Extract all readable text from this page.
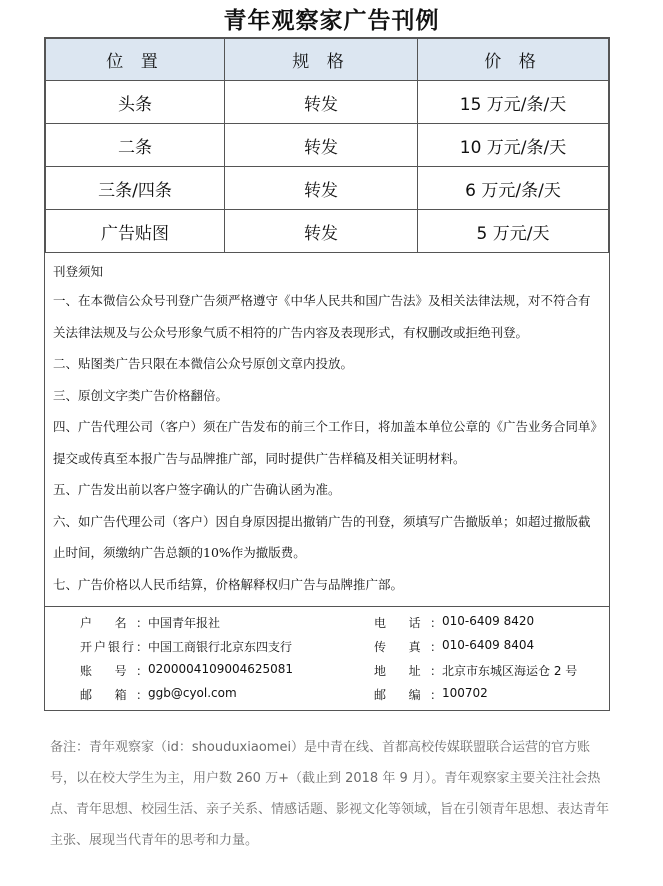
青年观察家广告刊例
位 置	规 格	价 格
头条	转发	15 万元/条/天
二条	转发	10 万元/条/天
三条/四条	转发	6 万元/条/天
广告贴图	转发	5 万元/天

刊登须知

一、在本微信公众号刊登广告须严格遵守《中华人民共和国广告法》及相关法律法规，对不符合有关法律法规及与公众号形象气质不相符的广告内容及表现形式，有权删改或拒绝刊登。

二、贴图类广告只限在本微信公众号原创文章内投放。

三、原创文字类广告价格翻倍。

四、广告代理公司（客户）须在广告发布的前三个工作日，将加盖本单位公章的《广告业务合同单》提交或传真至本报广告与品牌推广部，同时提供广告样稿及相关证明材料。

五、广告发出前以客户签字确认的广告确认函为准。

六、如广告代理公司（客户）因自身原因提出撤销广告的刊登，须填写广告撤版单；如超过撤版截止时间，须缴纳广告总额的10%作为撤版费。

七、广告价格以人民币结算，价格解释权归广告与品牌推广部。

户 名： 中国青年报社	电 话： 010-6409 8420
开户银行： 中国工商银行北京东四支行	传 真： 010-6409 8404
账 号： 0200004109004625081	地 址： 北京市东城区海运仓 2 号
邮 箱： ggb@cyol.com	邮 编： 100702
备注：青年观察家（id：shouduxiaomei）是中青在线、首都高校传媒联盟联合运营的官方账号，以在校大学生为主，用户数 260 万+（截止到 2018 年 9 月）。青年观察家主要关注社会热点、青年思想、校园生活、亲子关系、情感话题、影视文化等领域，旨在引领青年思想、表达青年主张、展现当代青年的思考和力量。
